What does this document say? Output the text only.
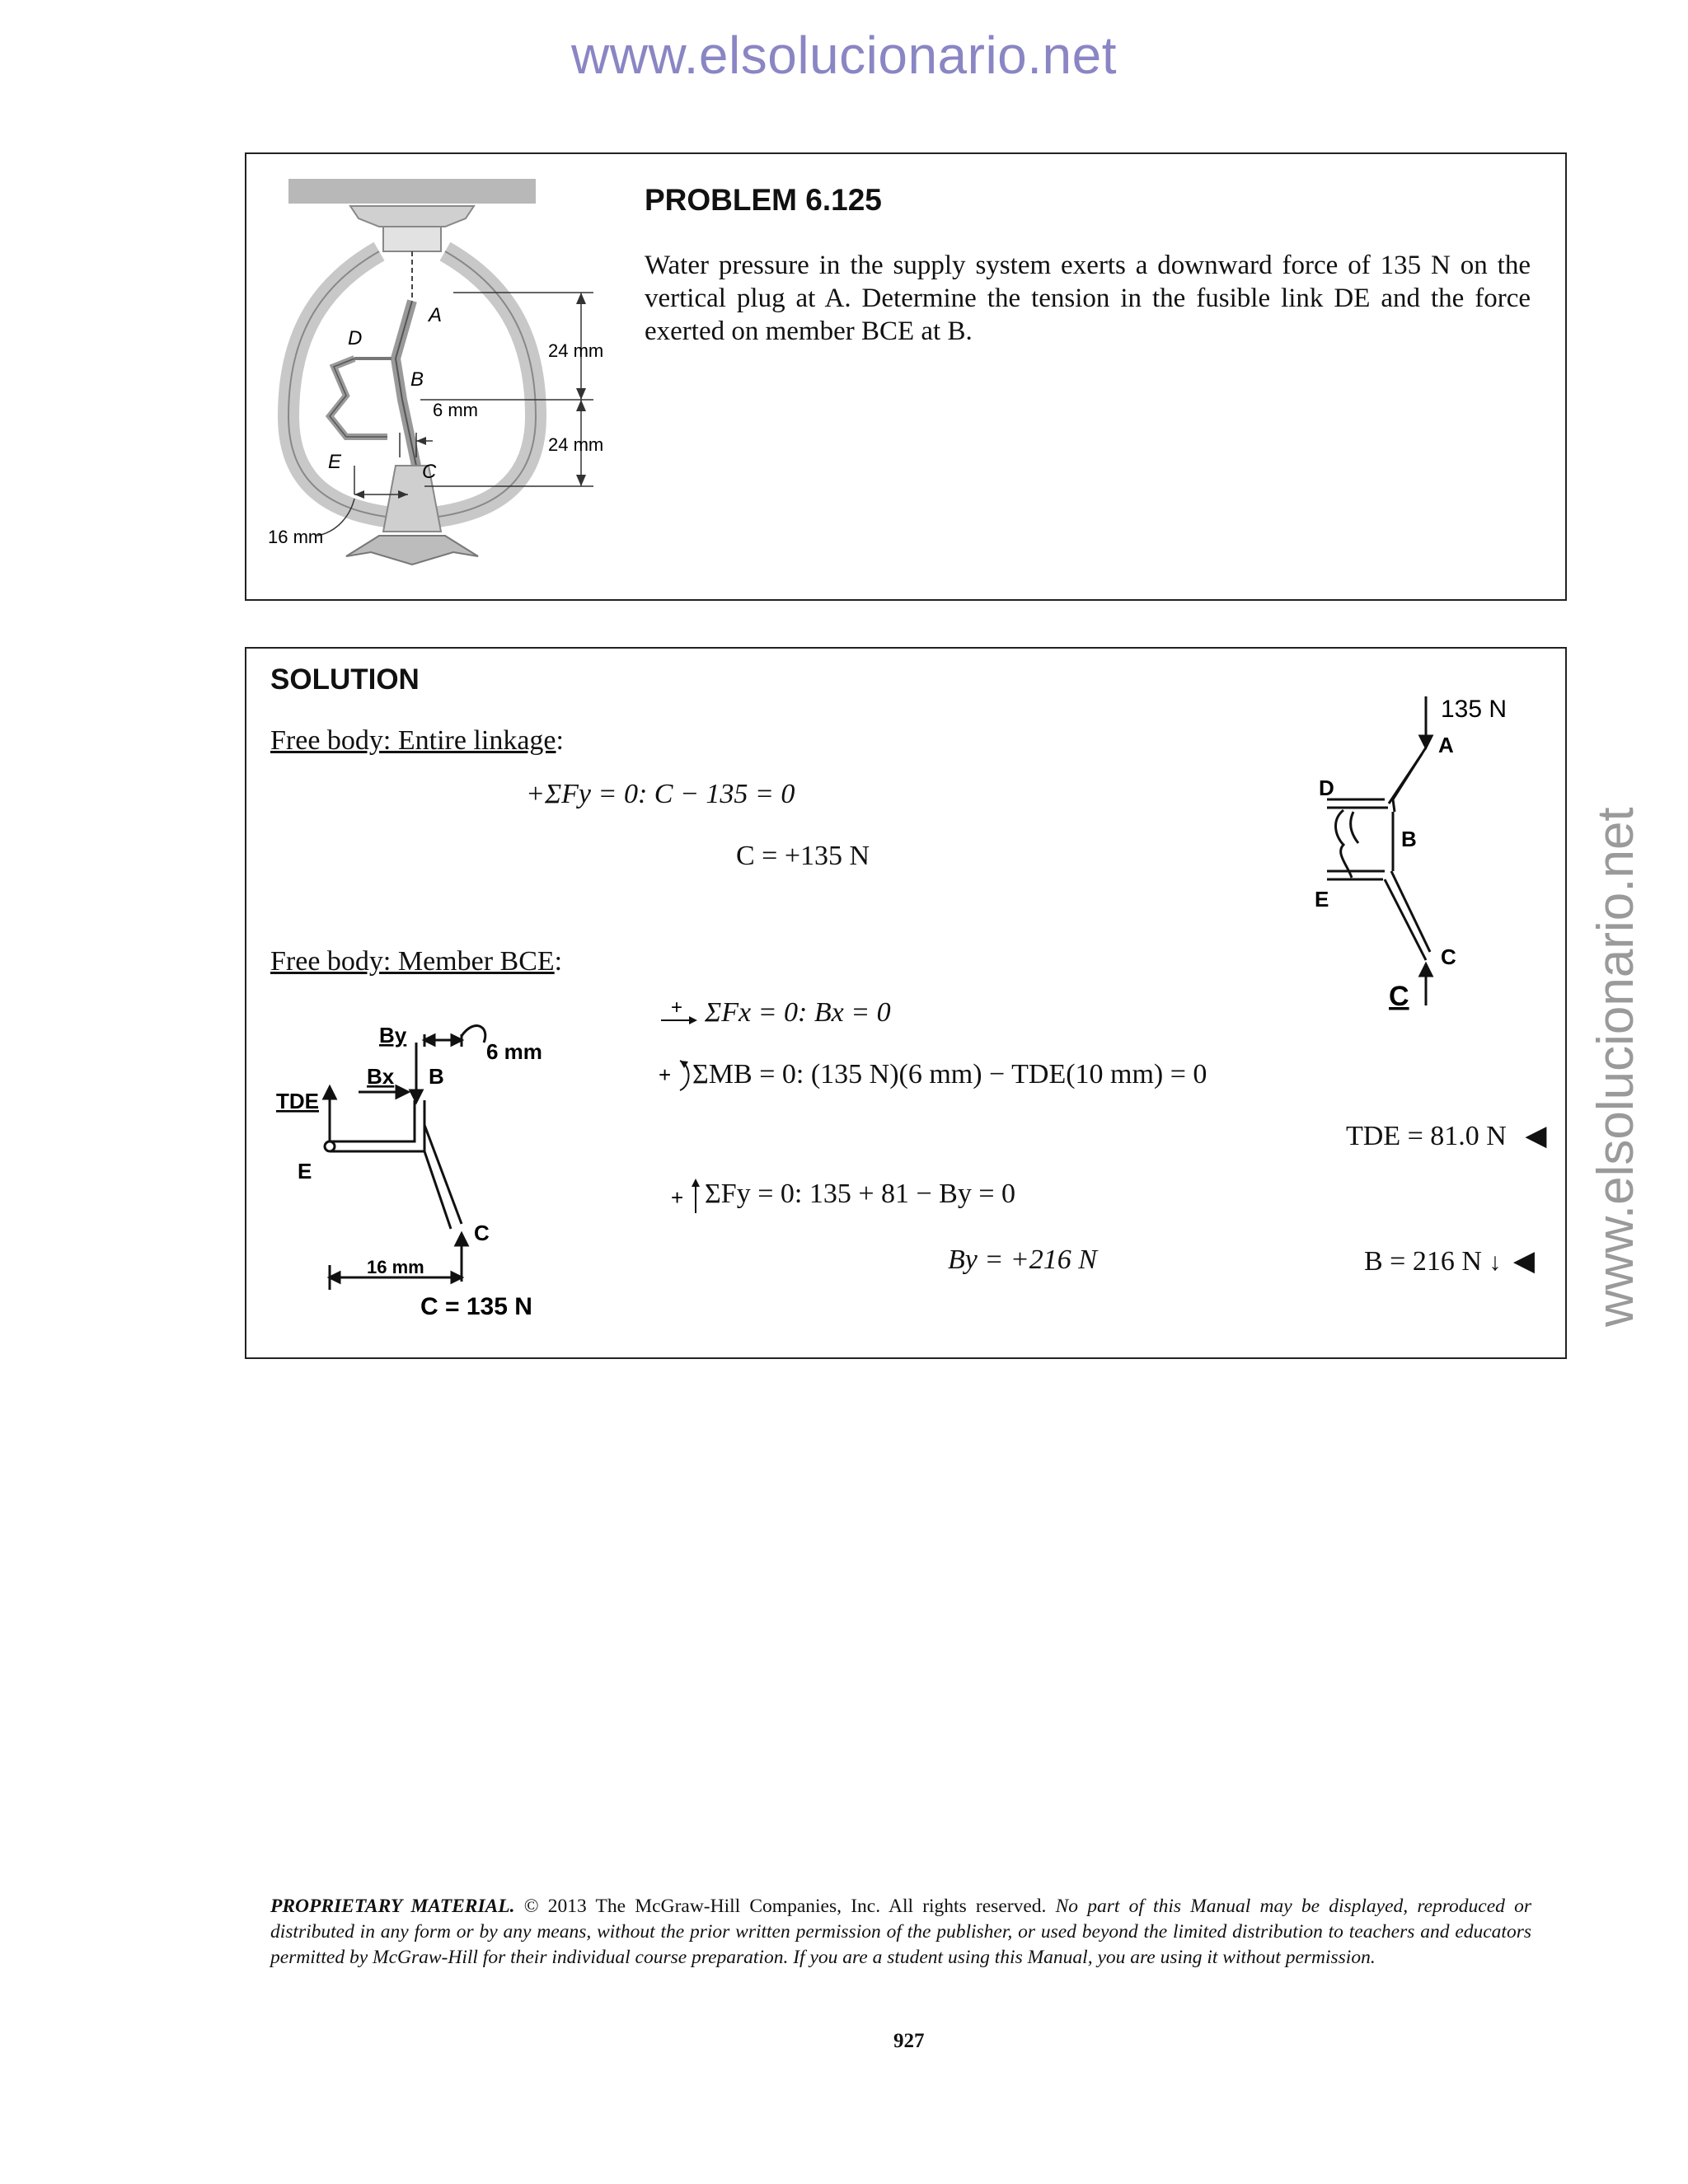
www.elsolucionario.net
www.elsolucionario.net
A
D
B
E	C
24 mm
24 mm
6 mm
16 mm
PROBLEM 6.125
Water pressure in the supply system exerts a downward force of 135 N on the vertical plug at A. Determine the tension in the fusible link DE and the force exerted on member BCE at B.
SOLUTION
Free body: Entire linkage:
+ΣFy = 0: C − 135 = 0
C = +135 N
Free body: Member BCE:
+ ΣFx = 0: Bx = 0
+ ΣMB = 0: (135 N)(6 mm) − TDE(10 mm) = 0
TDE = 81.0 N ◀
+ ΣFy = 0: 135 + 81 − By = 0
By = +216 N	B = 216 N ↓ ◀
135 N
A
D
B
E
C
C
By
Bx
TDE
B
E
C
6 mm
16 mm
C = 135 N
PROPRIETARY MATERIAL. © 2013 The McGraw-Hill Companies, Inc. All rights reserved. No part of this Manual may be displayed, reproduced or distributed in any form or by any means, without the prior written permission of the publisher, or used beyond the limited distribution to teachers and educators permitted by McGraw-Hill for their individual course preparation. If you are a student using this Manual, you are using it without permission.
927
